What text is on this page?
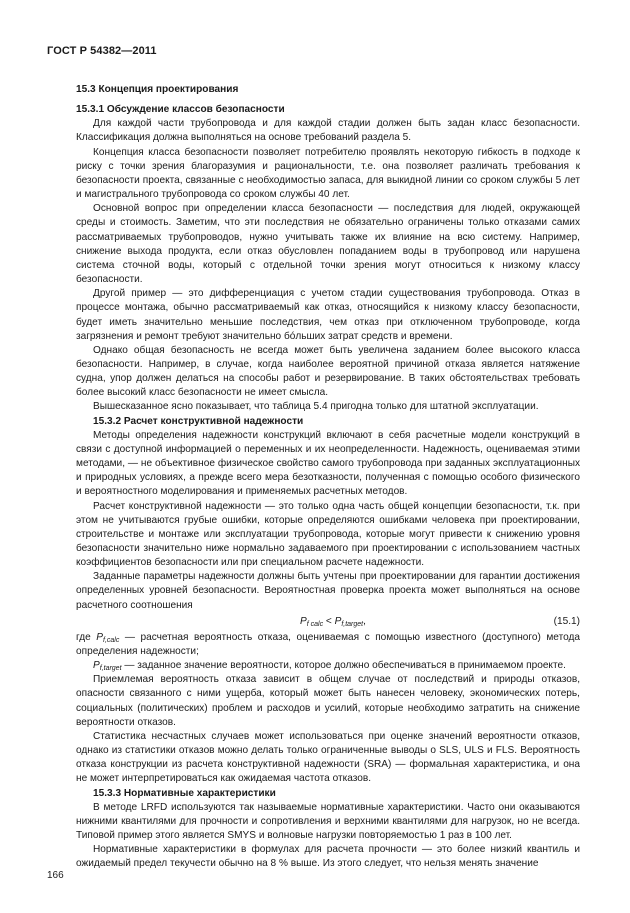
ГОСТ Р 54382—2011
15.3 Концепция проектирования
15.3.1 Обсуждение классов безопасности

Для каждой части трубопровода и для каждой стадии должен быть задан класс безопасности. Классификация должна выполняться на основе требований раздела 5.

Концепция класса безопасности позволяет потребителю проявлять некоторую гибкость в подходе к риску с точки зрения благоразумия и рациональности, т.е. она позволяет различать требования к безопасности проекта, связанные с необходимостью запаса, для выкидной линии со сроком службы 5 лет и магистрального трубопровода со сроком службы 40 лет.

Основной вопрос при определении класса безопасности — последствия для людей, окружающей среды и стоимость. Заметим, что эти последствия не обязательно ограничены только отказами самих рассматриваемых трубопроводов, нужно учитывать также их влияние на всю систему. Например, снижение выхода продукта, если отказ обусловлен попаданием воды в трубопровод или нарушена система сточной воды, который с отдельной точки зрения могут относиться к низкому классу безопасности.

Другой пример — это дифференциация с учетом стадии существования трубопровода. Отказ в процессе монтажа, обычно рассматриваемый как отказ, относящийся к низкому классу безопасности, будет иметь значительно меньшие последствия, чем отказ при отключенном трубопроводе, когда загрязнения и ремонт требуют значительно бóльших затрат средств и времени.

Однако общая безопасность не всегда может быть увеличена заданием более высокого класса безопасности. Например, в случае, когда наиболее вероятной причиной отказа является натяжение судна, упор должен делаться на способы работ и резервирование. В таких обстоятельствах требовать более высокий класс безопасности не имеет смысла.

Вышесказанное ясно показывает, что таблица 5.4 пригодна только для штатной эксплуатации.

15.3.2 Расчет конструктивной надежности

Методы определения надежности конструкций включают в себя расчетные модели конструкций в связи с доступной информацией о переменных и их неопределенности. Надежность, оцениваемая этими методами, — не объективное физическое свойство самого трубопровода при заданных эксплуатационных и природных условиях, а прежде всего мера безотказности, полученная с помощью особого физического и вероятностного моделирования и применяемых расчетных методов.

Расчет конструктивной надежности — это только одна часть общей концепции безопасности, т.к. при этом не учитываются грубые ошибки, которые определяются ошибками человека при проектировании, строительстве и монтаже или эксплуатации трубопровода, которые могут привести к снижению уровня безопасности значительно ниже нормально задаваемого при проектировании с использованием частных коэффициентов безопасности или при специальном расчете надежности.

Заданные параметры надежности должны быть учтены при проектировании для гарантии достижения определенных уровней безопасности. Вероятностная проверка проекта может выполняться на основе расчетного соотношения

$P_{f calc} < P_{f,target}$,	(15.1)

где $P_{f,calc}$ — расчетная вероятность отказа, оцениваемая с помощью известного (доступного) метода определения надежности;

$P_{f,target}$ — заданное значение вероятности, которое должно обеспечиваться в принимаемом проекте.

Приемлемая вероятность отказа зависит в общем случае от последствий и природы отказов, опасности связанного с ними ущерба, который может быть нанесен человеку, экономических потерь, социальных (политических) проблем и расходов и усилий, которые необходимо затратить на снижение вероятности отказов.

Статистика несчастных случаев может использоваться при оценке значений вероятности отказов, однако из статистики отказов можно делать только ограниченные выводы о SLS, ULS и FLS. Вероятность отказа конструкции из расчета конструктивной надежности (SRA) — формальная характеристика, и она не может интерпретироваться как ожидаемая частота отказов.

15.3.3 Нормативные характеристики

В методе LRFD используются так называемые нормативные характеристики. Часто они оказываются нижними квантилями для прочности и сопротивления и верхними квантилями для нагрузок, но не всегда. Типовой пример этого является SMYS и волновые нагрузки повторяемостью 1 раз в 100 лет.

Нормативные характеристики в формулах для расчета прочности — это более низкий квантиль и ожидаемый предел текучести обычно на 8 % выше. Из этого следует, что нельзя менять значение

166
